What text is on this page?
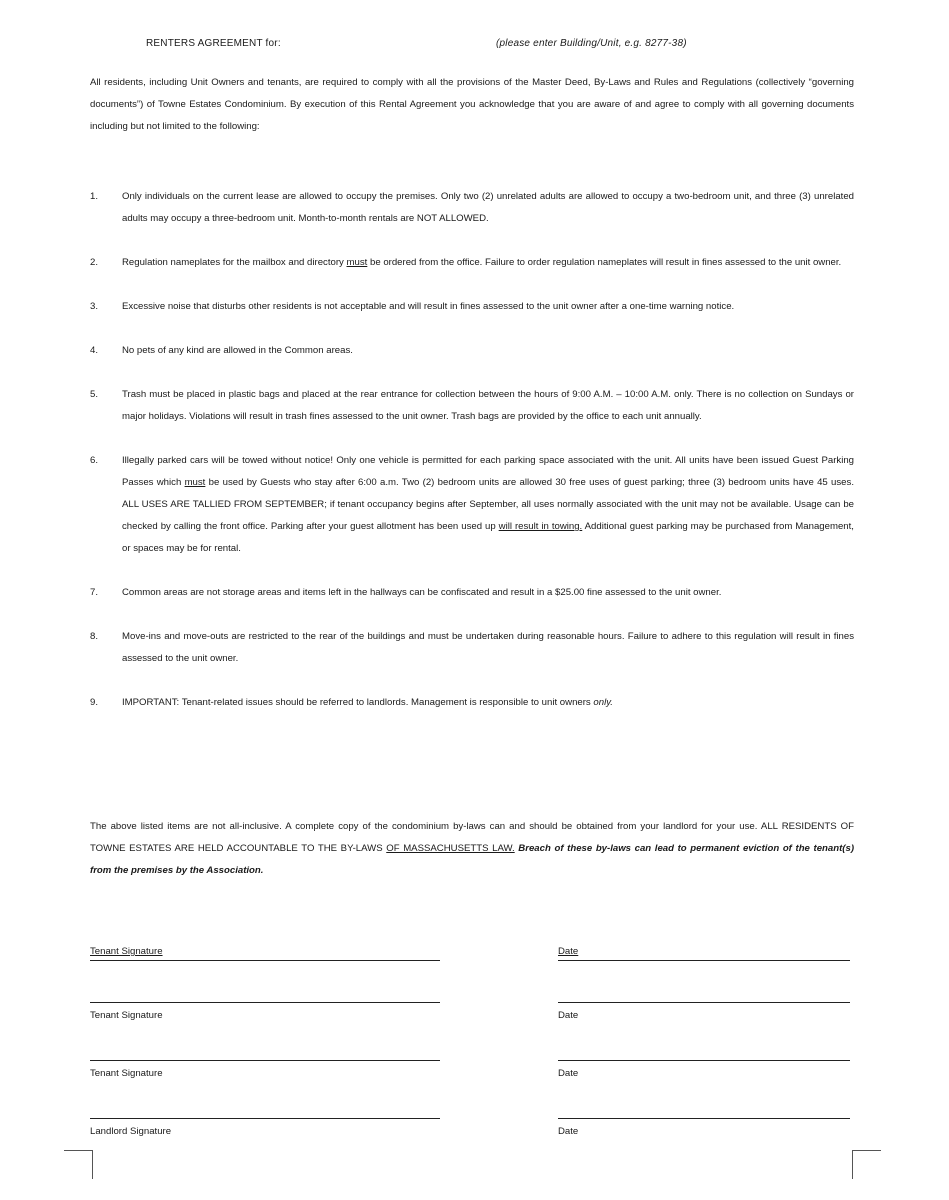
RENTERS AGREEMENT for:	(please enter Building/Unit, e.g. 8277-38)
All residents, including Unit Owners and tenants, are required to comply with all the provisions of the Master Deed, By-Laws and Rules and Regulations (collectively “governing documents”) of Towne Estates Condominium. By execution of this Rental Agreement you acknowledge that you are aware of and agree to comply with all governing documents including but not limited to the following:
1. Only individuals on the current lease are allowed to occupy the premises. Only two (2) unrelated adults are allowed to occupy a two-bedroom unit, and three (3) unrelated adults may occupy a three-bedroom unit. Month-to-month rentals are NOT ALLOWED.
2. Regulation nameplates for the mailbox and directory must be ordered from the office. Failure to order regulation nameplates will result in fines assessed to the unit owner.
3. Excessive noise that disturbs other residents is not acceptable and will result in fines assessed to the unit owner after a one-time warning notice.
4. No pets of any kind are allowed in the Common areas.
5. Trash must be placed in plastic bags and placed at the rear entrance for collection between the hours of 9:00 A.M. – 10:00 A.M. only. There is no collection on Sundays or major holidays. Violations will result in trash fines assessed to the unit owner. Trash bags are provided by the office to each unit annually.
6. Illegally parked cars will be towed without notice! Only one vehicle is permitted for each parking space associated with the unit. All units have been issued Guest Parking Passes which must be used by Guests who stay after 6:00 a.m. Two (2) bedroom units are allowed 30 free uses of guest parking; three (3) bedroom units have 45 uses. ALL USES ARE TALLIED FROM SEPTEMBER; if tenant occupancy begins after September, all uses normally associated with the unit may not be available. Usage can be checked by calling the front office. Parking after your guest allotment has been used up will result in towing. Additional guest parking may be purchased from Management, or spaces may be for rental.
7. Common areas are not storage areas and items left in the hallways can be confiscated and result in a $25.00 fine assessed to the unit owner.
8. Move-ins and move-outs are restricted to the rear of the buildings and must be undertaken during reasonable hours. Failure to adhere to this regulation will result in fines assessed to the unit owner.
9. IMPORTANT: Tenant-related issues should be referred to landlords. Management is responsible to unit owners only.
The above listed items are not all-inclusive. A complete copy of the condominium by-laws can and should be obtained from your landlord for your use. ALL RESIDENTS OF TOWNE ESTATES ARE HELD ACCOUNTABLE TO THE BY-LAWS OF MASSACHUSETTS LAW. Breach of these by-laws can lead to permanent eviction of the tenant(s) from the premises by the Association.
Tenant Signature	Date
Tenant Signature	Date
Tenant Signature	Date
Landlord Signature	Date
